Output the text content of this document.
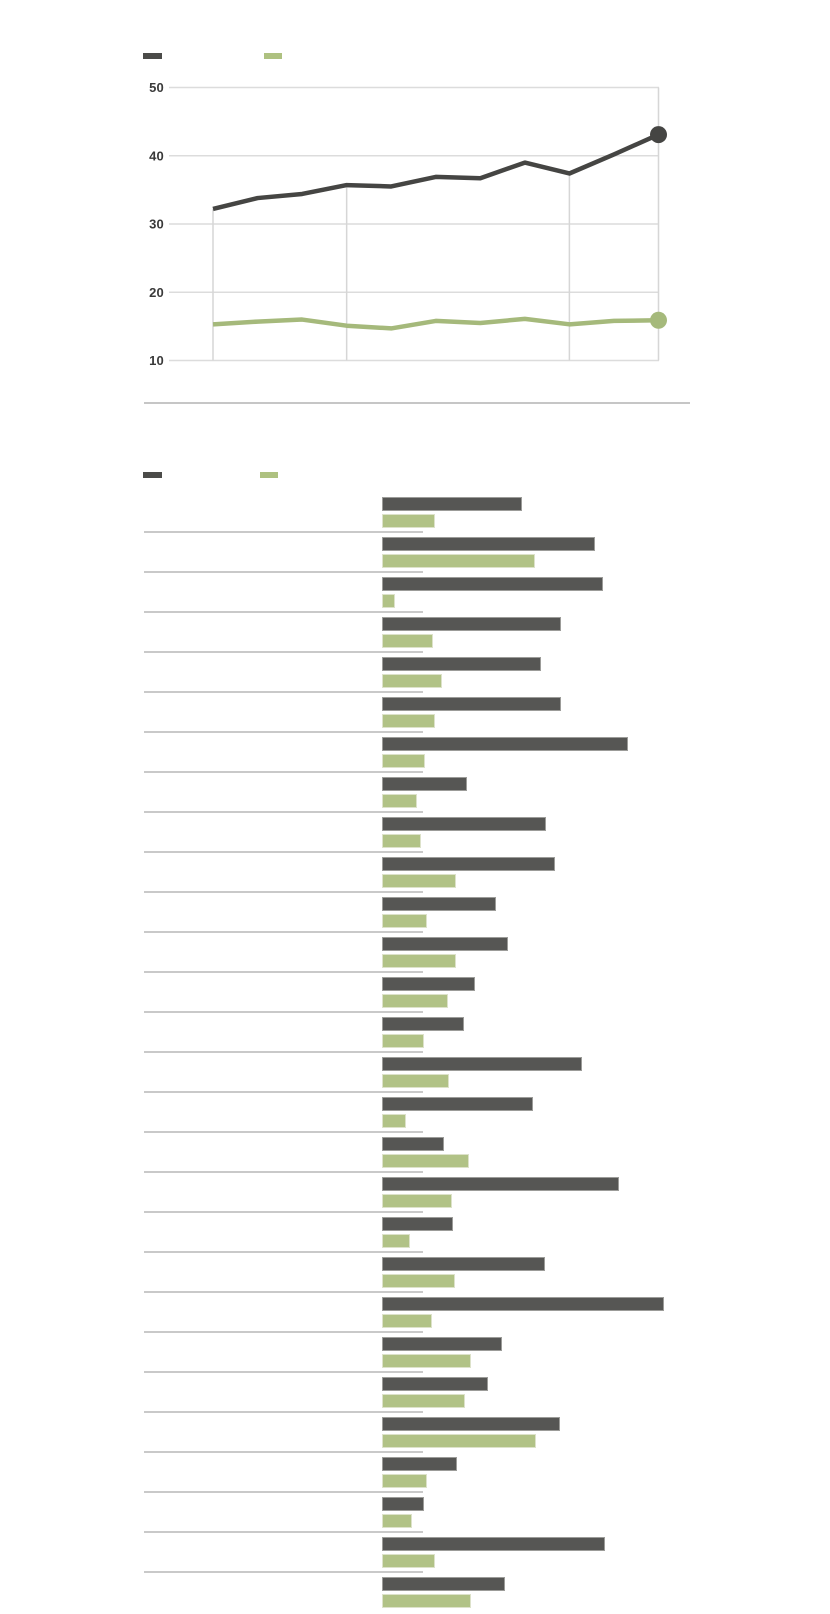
50
40
30
20
10
